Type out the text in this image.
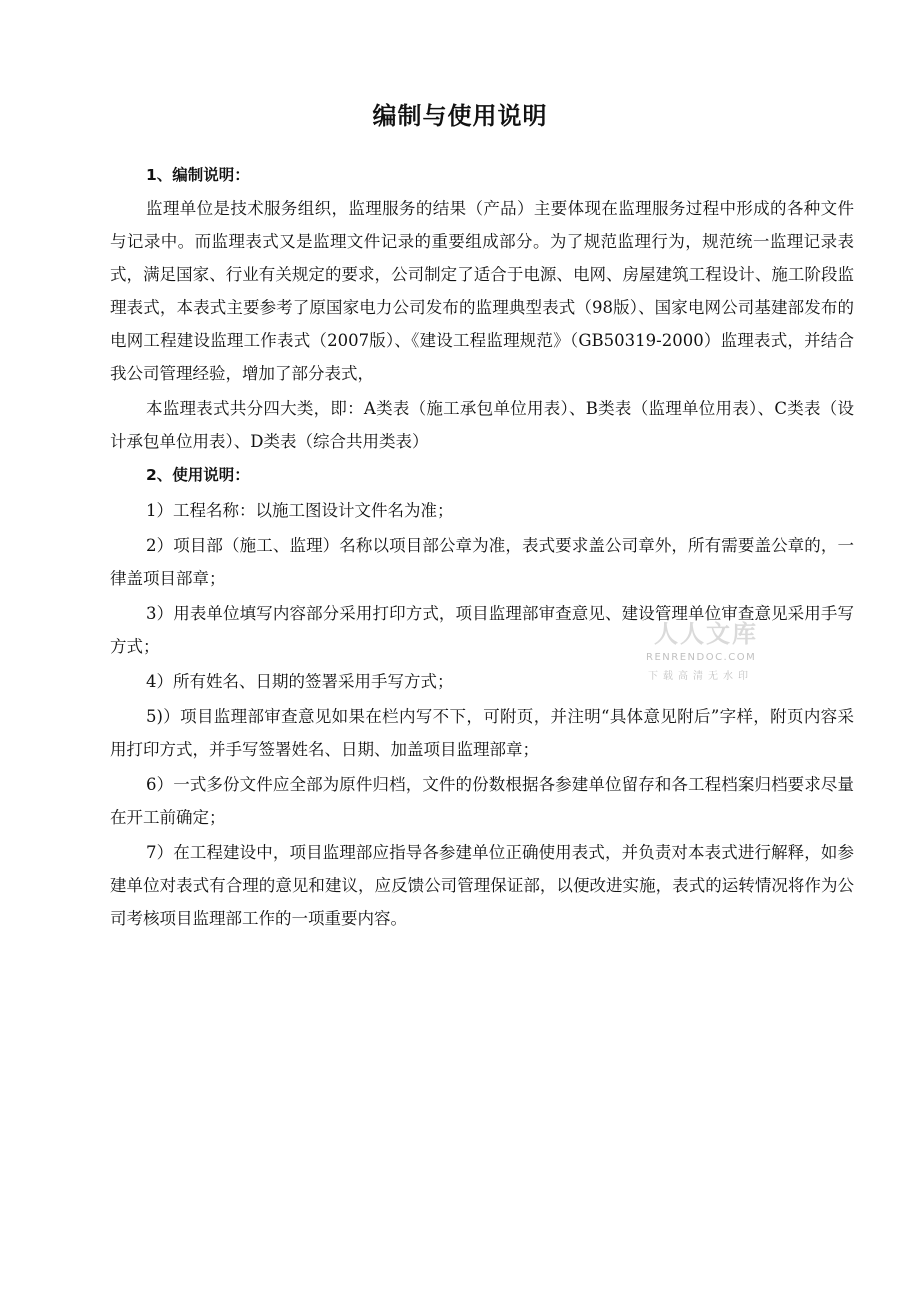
编制与使用说明

1、编制说明：

监理单位是技术服务组织，监理服务的结果（产品）主要体现在监理服务过程中形成的各种文件与记录中。而监理表式又是监理文件记录的重要组成部分。为了规范监理行为，规范统一监理记录表式，满足国家、行业有关规定的要求，公司制定了适合于电源、电网、房屋建筑工程设计、施工阶段监理表式，本表式主要参考了原国家电力公司发布的监理典型表式（98版）、国家电网公司基建部发布的电网工程建设监理工作表式（2007版）、《建设工程监理规范》（GB50319-2000）监理表式，并结合我公司管理经验，增加了部分表式，

本监理表式共分四大类，即：A类表（施工承包单位用表）、B类表（监理单位用表）、C类表（设计承包单位用表）、D类表（综合共用类表）

2、使用说明：

1）工程名称：以施工图设计文件名为准；

2）项目部（施工、监理）名称以项目部公章为准，表式要求盖公司章外，所有需要盖公章的，一律盖项目部章；

3）用表单位填写内容部分采用打印方式，项目监理部审查意见、建设管理单位审查意见采用手写方式；

4）所有姓名、日期的签署采用手写方式；

5)）项目监理部审查意见如果在栏内写不下，可附页，并注明“具体意见附后”字样，附页内容采用打印方式，并手写签署姓名、日期、加盖项目监理部章；

6）一式多份文件应全部为原件归档，文件的份数根据各参建单位留存和各工程档案归档要求尽量在开工前确定；

7）在工程建设中，项目监理部应指导各参建单位正确使用表式，并负责对本表式进行解释，如参建单位对表式有合理的意见和建议，应反馈公司管理保证部，以便改进实施，表式的运转情况将作为公司考核项目监理部工作的一项重要内容。

人人文库
RENRENDOC.COM
下载高清无水印
